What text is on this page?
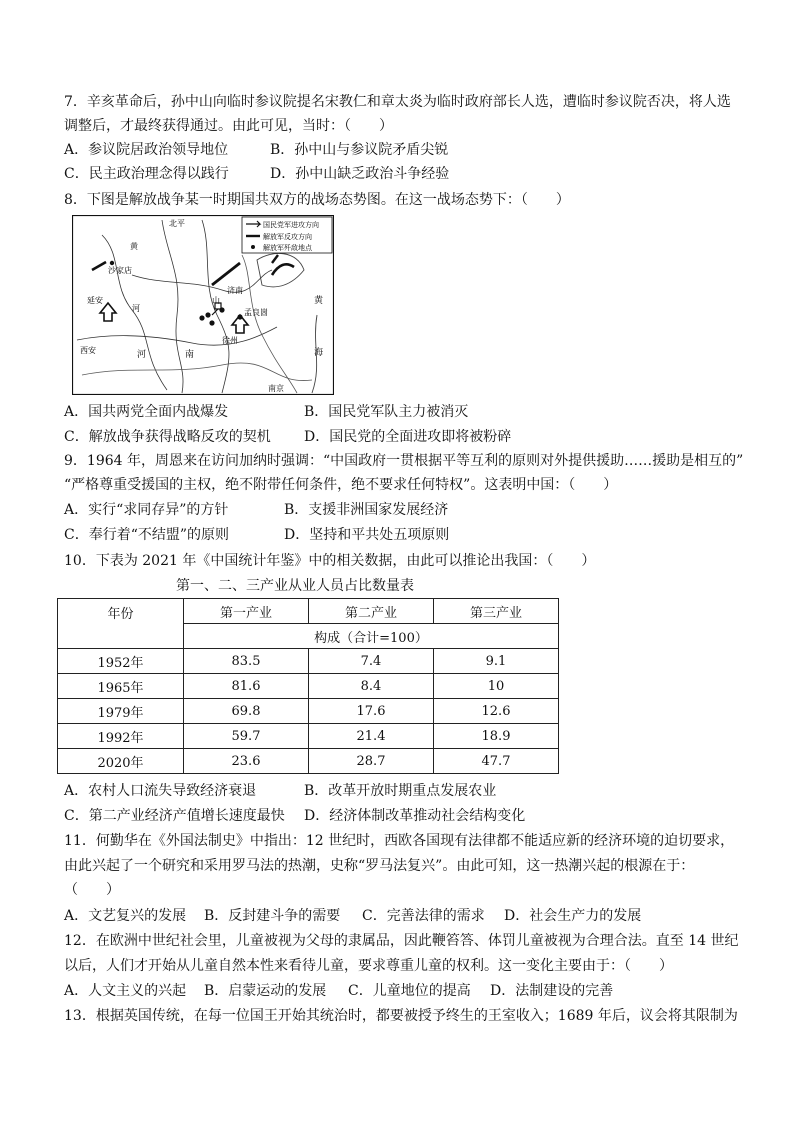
7．辛亥革命后，孙中山向临时参议院提名宋教仁和章太炎为临时政府部长人选，遭临时参议院否决，将人选
调整后，才最终获得通过。由此可见，当时：（　　）
A．参议院居政治领导地位	B．孙中山与参议院矛盾尖锐
C．民主政治理念得以践行	D．孙中山缺乏政治斗争经验
8．下图是解放战争某一时期国共双方的战场态势图。在这一战场态势下：（　　）
国民党军进攻方向
解放军反攻方向
解放军歼敌地点
北平
黄
沙家店
延安
河
西安	河	南
济南
山
孟良崮
徐州
黄
海
南京
A．国共两党全面内战爆发	B．国民党军队主力被消灭
C．解放战争获得战略反攻的契机 D．国民党的全面进攻即将被粉碎
9．1964 年，周恩来在访问加纳时强调：“中国政府一贯根据平等互利的原则对外提供援助……援助是相互的”
“严格尊重受援国的主权，绝不附带任何条件，绝不要求任何特权”。这表明中国：（　　）
A．实行“求同存异”的方针	B．支援非洲国家发展经济
C．奉行着“不结盟”的原则	D．坚持和平共处五项原则
10．下表为 2021 年《中国统计年鉴》中的相关数据，由此可以推论出我国：（　　）
第一、二、三产业从业人员占比数量表
年份	第一产业	第二产业	第三产业
	构成（合计=100）		
1952年	83.5	7.4	9.1
1965年	81.6	8.4	10
1979年	69.8	17.6	12.6
1992年	59.7	21.4	18.9
2020年	23.6	28.7	47.7
A．农村人口流失导致经济衰退	B．改革开放时期重点发展农业
C．第二产业经济产值增长速度最快 D．经济体制改革推动社会结构变化
11．何勤华在《外国法制史》中指出：12 世纪时，西欧各国现有法律都不能适应新的经济环境的迫切要求，
由此兴起了一个研究和采用罗马法的热潮，史称“罗马法复兴”。由此可知，这一热潮兴起的根源在于：
（　　）
A．文艺复兴的发展 B．反封建斗争的需要 C．完善法律的需求 D．社会生产力的发展
12．在欧洲中世纪社会里，儿童被视为父母的隶属品，因此鞭笞答、体罚儿童被视为合理合法。直至 14 世纪
以后，人们才开始从儿童自然本性来看待儿童，要求尊重儿童的权利。这一变化主要由于：（　　）
A．人文主义的兴起 B．启蒙运动的发展 C．儿童地位的提高 D．法制建设的完善
13．根据英国传统，在每一位国王开始其统治时，都要被授予终生的王室收入；1689 年后，议会将其限制为
